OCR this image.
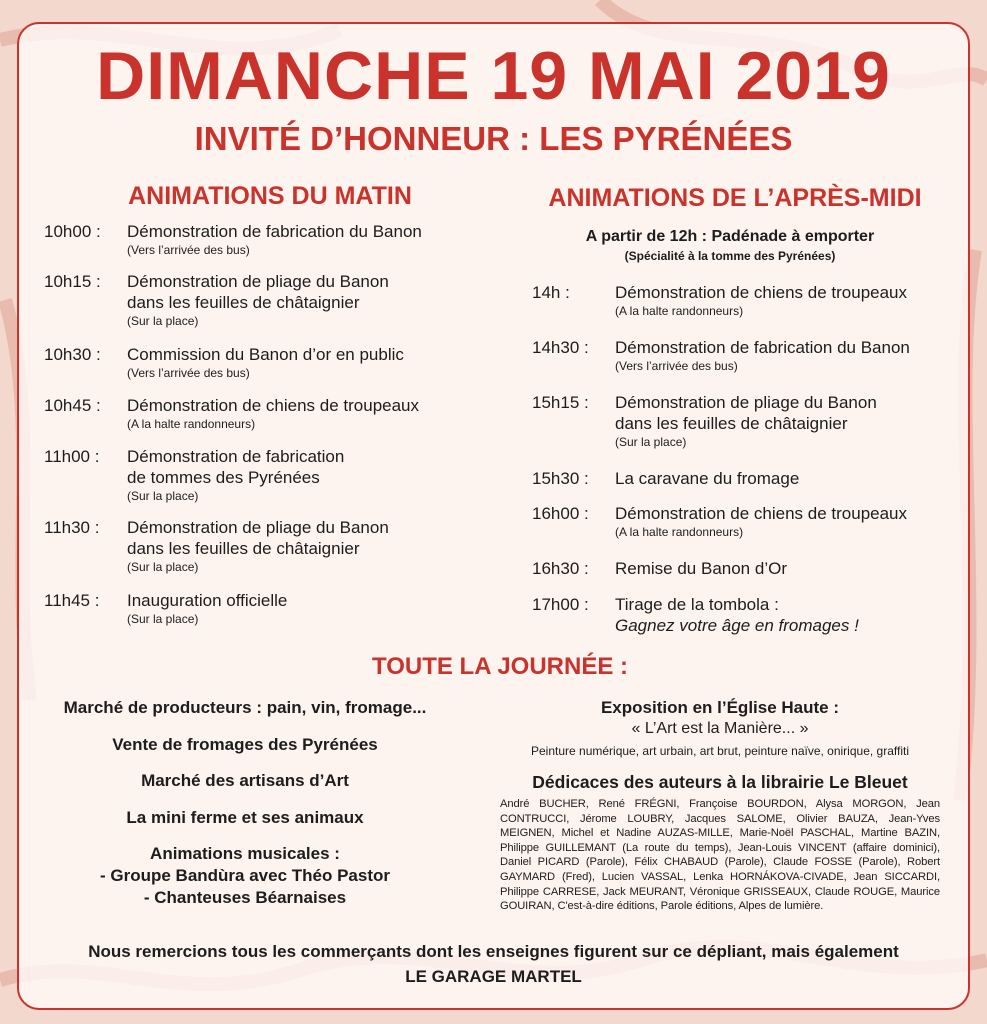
DIMANCHE 19 MAI 2019
INVITÉ D’HONNEUR : LES PYRÉNÉES
ANIMATIONS DU MATIN	ANIMATIONS DE L’APRÈS-MIDI
10h00 : Démonstration de fabrication du Banon
(Vers l’arrivée des bus)
10h15 : Démonstration de pliage du Banon
dans les feuilles de châtaignier
(Sur la place)
10h30 : Commission du Banon d’or en public
(Vers l’arrivée des bus)
10h45 : Démonstration de chiens de troupeaux
(A la halte randonneurs)
11h00 : Démonstration de fabrication
de tommes des Pyrénées
(Sur la place)
11h30 : Démonstration de pliage du Banon
dans les feuilles de châtaignier
(Sur la place)
11h45 : Inauguration officielle
(Sur la place)
A partir de 12h : Padénade à emporter
(Spécialité à la tomme des Pyrénées)
14h :	Démonstration de chiens de troupeaux
(A la halte randonneurs)
14h30 : Démonstration de fabrication du Banon
(Vers l’arrivée des bus)
15h15 : Démonstration de pliage du Banon
dans les feuilles de châtaignier
(Sur la place)
15h30 : La caravane du fromage
16h00 : Démonstration de chiens de troupeaux
(A la halte randonneurs)
16h30 : Remise du Banon d’Or
17h00 : Tirage de la tombola :
Gagnez votre âge en fromages !
TOUTE LA JOURNÉE :
Marché de producteurs : pain, vin, fromage...
Vente de fromages des Pyrénées
Marché des artisans d’Art
La mini ferme et ses animaux
Animations musicales :
- Groupe Bandùra avec Théo Pastor
- Chanteuses Béarnaises
Exposition en l’Église Haute :
« L’Art est la Manière... »
Peinture numérique, art urbain, art brut, peinture naïve, onirique, graffiti
Dédicaces des auteurs à la librairie Le Bleuet
André BUCHER, René FRÉGNI, Françoise BOURDON, Alysa MORGON, Jean CONTRUCCI, Jérome LOUBRY, Jacques SALOME, Olivier BAUZA, Jean-Yves MEIGNEN, Michel et Nadine AUZAS-MILLE, Marie-Noël PASCHAL, Martine BAZIN, Philippe GUILLEMANT (La route du temps), Jean-Louis VINCENT (affaire dominici), Daniel PICARD (Parole), Félix CHABAUD (Parole), Claude FOSSE (Parole), Robert GAYMARD (Fred), Lucien VASSAL, Lenka HORNÁKOVA-CIVADE, Jean SICCARDI, Philippe CARRESE, Jack MEURANT, Véronique GRISSEAUX, Claude ROUGE, Maurice GOUIRAN, C'est-à-dire éditions, Parole éditions, Alpes de lumière.
Nous remercions tous les commerçants dont les enseignes figurent sur ce dépliant, mais également
LE GARAGE MARTEL
